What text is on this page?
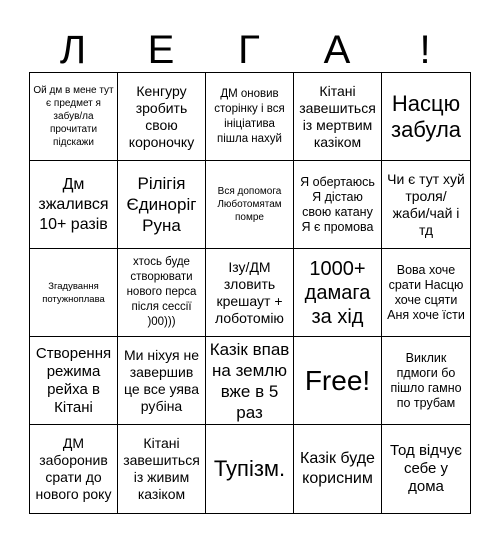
Л	Е	Г	А	!
Ой дм в мене тут є предмет я забув/ла прочитати підскажи
Кенгуру зробить свою короночку
ДМ оновив сторінку і вся ініціатива пішла нахуй
Кітані завешиться із мертвим казіком
Насцю забула
Дм зжалився 10+ разів
Рілігія Єдиноріг Руна
Вся допомога Люботомятам помре
Я обертаюсь Я дістаю свою катану Я є промова
Чи є тут хуй троля/ жаби/чай і тд
Згадування потужноплава
хтось буде створювати нового перса після сессії )00)))
Ізу/ДМ зловить крешаут + лоботомію
1000+ дамага за хід
Вова хоче срати Насцю хоче сцяти Аня хоче їсти
Створення режима рейха в Кітані
Ми ніхуя не завершив це все уява рубіна
Казік впав на землю вже в 5 раз
Free!
Виклик пдмоги бо пішло гамно по трубам
ДМ заборонив срати до нового року
Кітані завешиться із живим казіком
Тупізм. Казік буде корисним
Тод відчує себе у дома
